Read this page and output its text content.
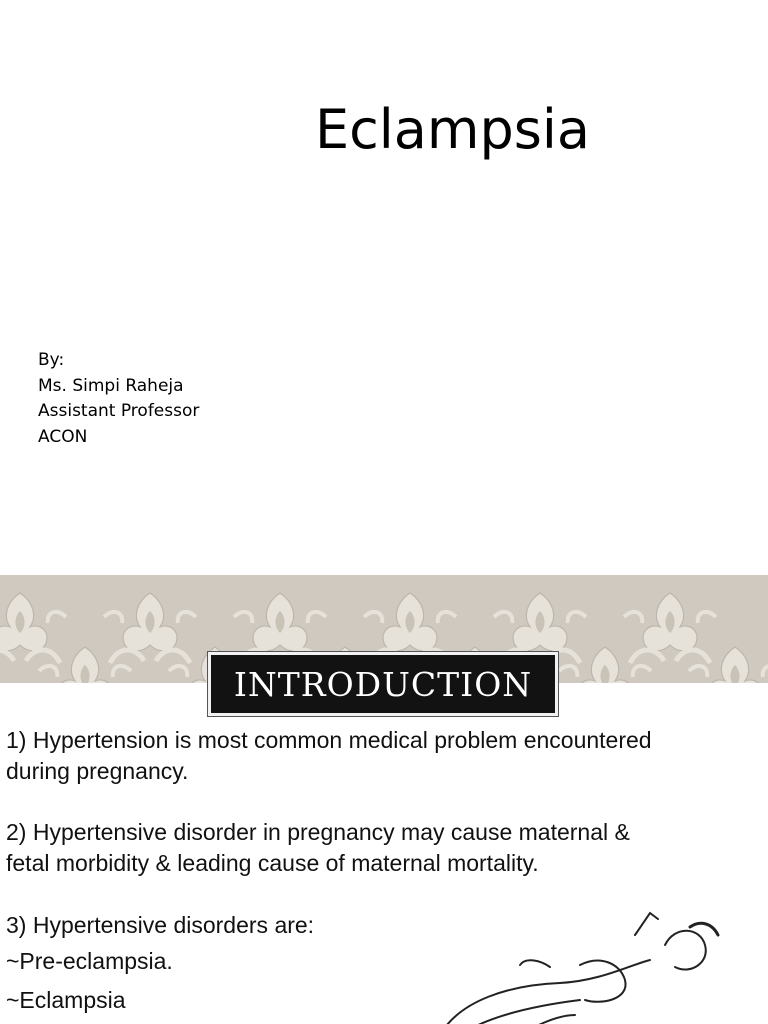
Eclampsia
By:
Ms. Simpi Raheja
Assistant Professor
ACON
INTRODUCTION
1) Hypertension is most common medical problem encountered
during pregnancy.
2) Hypertensive disorder in pregnancy may cause maternal &
fetal morbidity & leading cause of maternal mortality.
3) Hypertensive disorders are:
~Pre-eclampsia.
~Eclampsia
